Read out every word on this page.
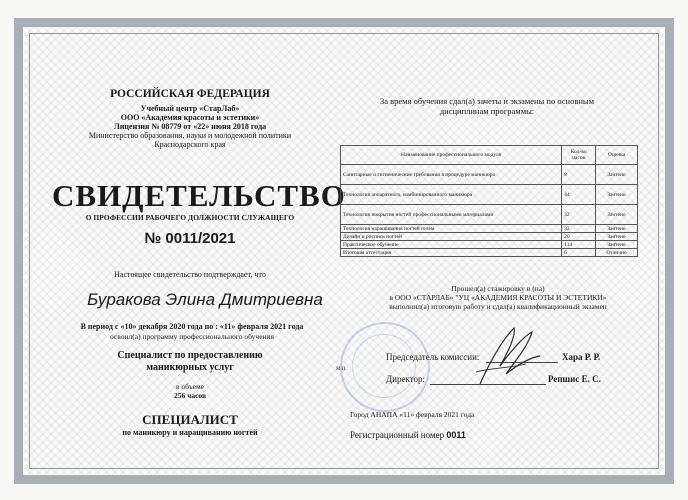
РОССИЙСКАЯ ФЕДЕРАЦИЯ
Учебный центр «СтарЛаб»
ООО «Академия красоты и эстетики»
Лицензия № 08779 от «22» июня 2018 года
Министерство образования, науки и молодежной политики
Краснодарского края
СВИДЕТЕЛЬСТВО
О ПРОФЕССИИ РАБОЧЕГО ДОЛЖНОСТИ СЛУЖАЩЕГО
№ 0011/2021
Настоящее свидетельство подтверждает, что
Буракова Элина Дмитриевна
В период с «10» декабря 2020 года по : «11» февраля 2021 года
освоил(а) программу профессионального обучения
Специалист по предоставлению
маникюрных услуг
в объеме
256 часов
СПЕЦИАЛИСТ
по маникюру и наращиванию ногтей
За время обучения сдал(а) зачеты и экзамены по основным
дисциплинам программы:
Наименование профессионального модуля	Кол-во часов	Оценка
Санитарные и гигиенические требования в процедуре маникюра	8	Зачтено
Технология аппаратного, комбинированного маникюра	44	Зачтено
Технология покрытия ногтей профессиональными материалами	32	Зачтено
Технология наращивания ногтей гелем	32	Зачтено
Дизайн и роспись ногтей	20	Зачтено
Практическое обучение	114	Зачтено
Итоговая аттестация	6	Отлично
Прошел(а) стажировку в (на)
в ООО «СТАРЛАБ» "УЦ «АКАДЕМИЯ КРАСОТЫ И ЭСТЕТИКИ»
выполнил(а) итоговую работу и сдал(а) квалификационный экзамен
М.П.
Председатель комиссии:	Хара Р. Р.
Директор:	Репшис Е. С.
Город АНАПА «11» февраля 2021 года
Регистрационный номер 0011
